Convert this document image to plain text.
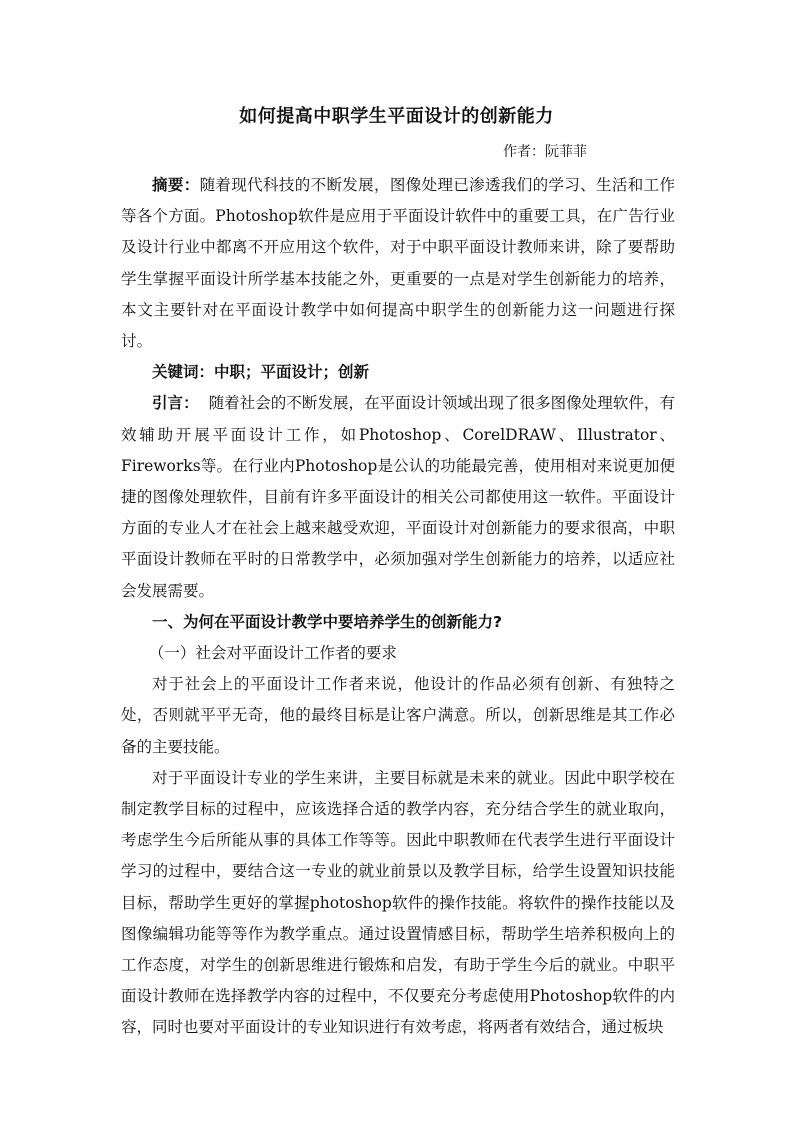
如何提高中职学生平面设计的创新能力
作者：阮菲菲

摘要：随着现代科技的不断发展，图像处理已渗透我们的学习、生活和工作等各个方面。Photoshop软件是应用于平面设计软件中的重要工具，在广告行业及设计行业中都离不开应用这个软件，对于中职平面设计教师来讲，除了要帮助学生掌握平面设计所学基本技能之外，更重要的一点是对学生创新能力的培养，本文主要针对在平面设计教学中如何提高中职学生的创新能力这一问题进行探讨。

关键词：中职；平面设计；创新

引言： 随着社会的不断发展，在平面设计领域出现了很多图像处理软件，有效辅助开展平面设计工作，如Photoshop、CorelDRAW、Illustrator、Fireworks等。在行业内Photoshop是公认的功能最完善，使用相对来说更加便捷的图像处理软件，目前有许多平面设计的相关公司都使用这一软件。平面设计方面的专业人才在社会上越来越受欢迎，平面设计对创新能力的要求很高，中职平面设计教师在平时的日常教学中，必须加强对学生创新能力的培养，以适应社会发展需要。

一、为何在平面设计教学中要培养学生的创新能力?

（一）社会对平面设计工作者的要求

对于社会上的平面设计工作者来说，他设计的作品必须有创新、有独特之处，否则就平平无奇，他的最终目标是让客户满意。所以，创新思维是其工作必备的主要技能。

对于平面设计专业的学生来讲，主要目标就是未来的就业。因此中职学校在制定教学目标的过程中，应该选择合适的教学内容，充分结合学生的就业取向，考虑学生今后所能从事的具体工作等等。因此中职教师在代表学生进行平面设计学习的过程中，要结合这一专业的就业前景以及教学目标，给学生设置知识技能目标，帮助学生更好的掌握photoshop软件的操作技能。将软件的操作技能以及图像编辑功能等等作为教学重点。通过设置情感目标，帮助学生培养积极向上的工作态度，对学生的创新思维进行锻炼和启发，有助于学生今后的就业。中职平面设计教师在选择教学内容的过程中，不仅要充分考虑使用Photoshop软件的内容，同时也要对平面设计的专业知识进行有效考虑，将两者有效结合，通过板块
